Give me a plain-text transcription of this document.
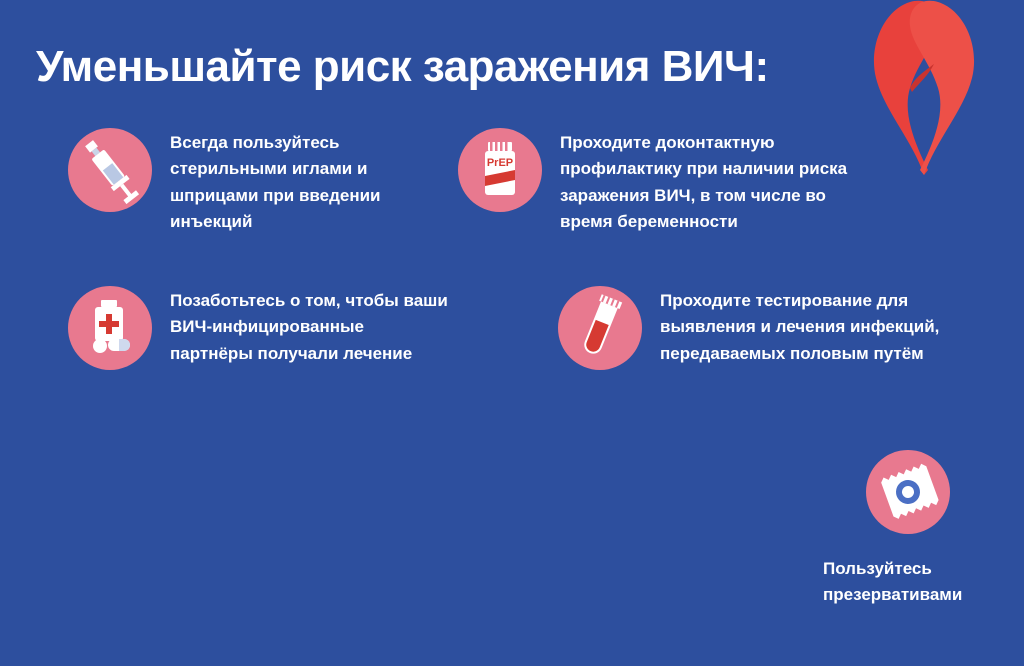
Уменьшайте риск заражения ВИЧ:
Всегда пользуйтесь стерильными иглами и шприцами при введении инъекций
PrEP
Проходите доконтактную профилактику при наличии риска заражения ВИЧ, в том числе во время беременности
Позаботьтесь о том, чтобы ваши ВИЧ-инфицированные партнёры получали лечение
Проходите тестирование для выявления и лечения инфекций, передаваемых половым путём
Пользуйтесь презервативами
